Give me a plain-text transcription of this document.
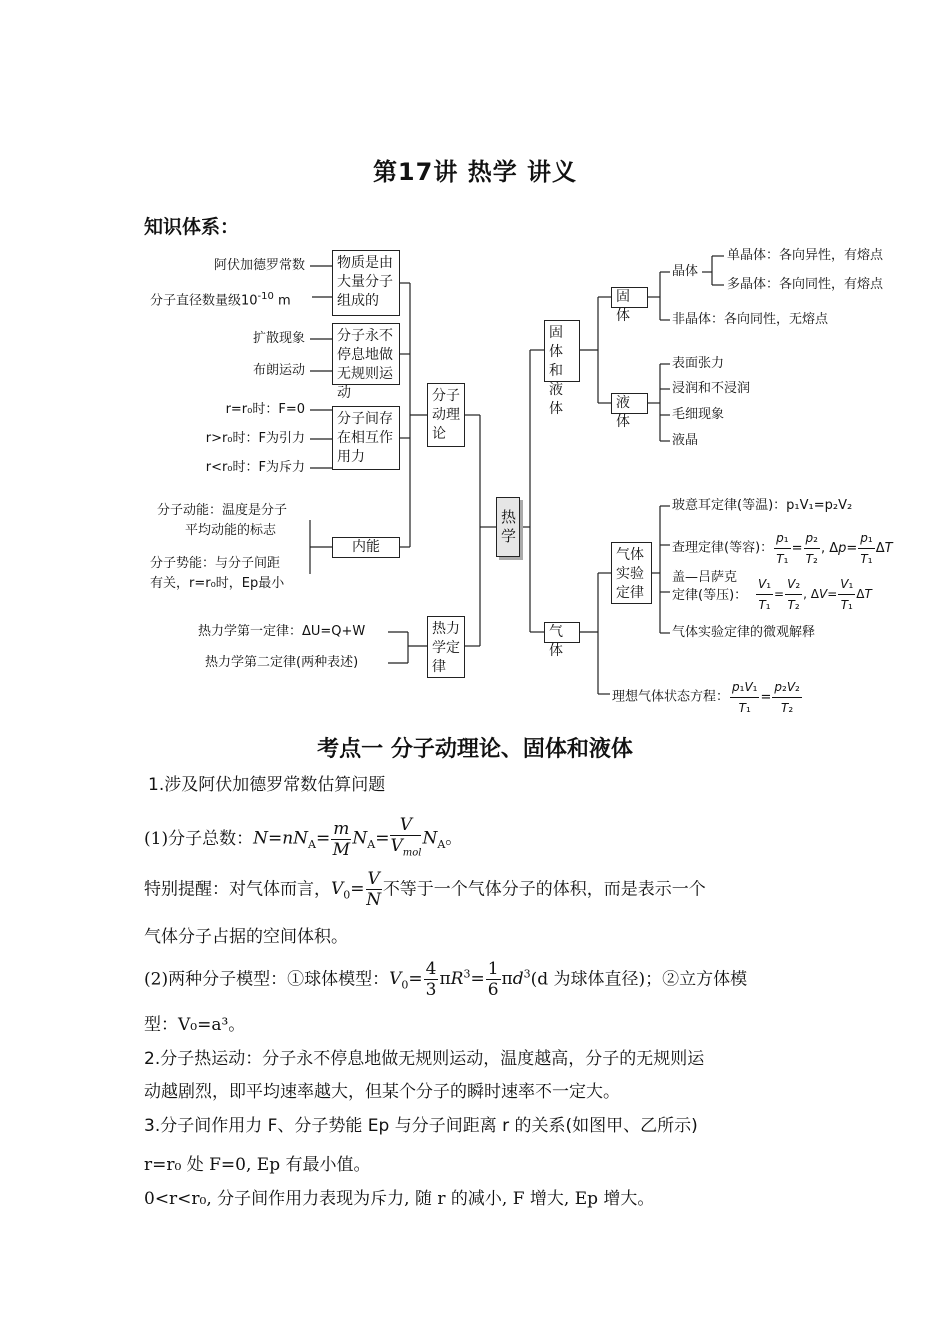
第17讲 热学 讲义
知识体系：
阿伏加德罗常数
分子直径数量级$10^{-10}$ m
扩散现象
布朗运动
r=r₀时：F=0
r>r₀时：F为引力
r<r₀时：F为斥力
分子动能：温度是分子
平均动能的标志
分子势能：与分子间距
有关，r=r₀时，Ep最小
热力学第一定律：ΔU=Q+W
热力学第二定律(两种表述)
物质是由大量分子组成的
分子永不停息地做无规则运动
分子间存在相互作用力
内能
分子动理论
热力学定律
热学
固体和液体
气体
固体
液体
气体实验定律
晶体
单晶体：各向异性，有熔点
多晶体：各向同性，有熔点
非晶体：各向同性，无熔点
表面张力
浸润和不浸润
毛细现象
液晶
玻意耳定律(等温)：p₁V₁=p₂V₂
查理定律(等容)： $\frac{\text{p₁}}{\text{T₁}} = \frac{\text{p₂}}{\text{T₂}}$ , $\Delta p= \frac{\text{p₁}}{\text{T₁}}$ ΔT
盖—吕萨克
定律(等压)： $\frac{\text{V₁}}{\text{T₁}} = \frac{\text{V₂}}{\text{T₂}}$ , $\Delta V= \frac{\text{V₁}}{\text{T₁}}$ ΔT
气体实验定律的微观解释
理想气体状态方程： $\frac{\text{p₁V₁}}{\text{T₁}} = \frac{\text{p₂V₂}}{\text{T₂}}$
考点一 分子动理论、固体和液体
1.涉及阿伏加德罗常数估算问题
(1)分子总数：$N=nN_A= \frac{m}{M} N_A= \frac{V}{V_{mol}} N_A$。
特别提醒：对气体而言，$V_0= \frac{V}{N}$ 不等于一个气体分子的体积，而是表示一个
气体分子占据的空间体积。
(2)两种分子模型：①球体模型：$V_0= \frac{4}{3} \pi R^3= \frac{1}{6} \pi d^3(d$ 为球体直径)；②立方体模
型：V₀=a³。
2.分子热运动：分子永不停息地做无规则运动，温度越高，分子的无规则运
动越剧烈，即平均速率越大，但某个分子的瞬时速率不一定大。
3.分子间作用力 F、分子势能 Ep 与分子间距离 r 的关系(如图甲、乙所示)
r=r₀ 处 F=0, Ep 有最小值。
0<r<r₀, 分子间作用力表现为斥力, 随 r 的减小, F 增大, Ep 增大。
